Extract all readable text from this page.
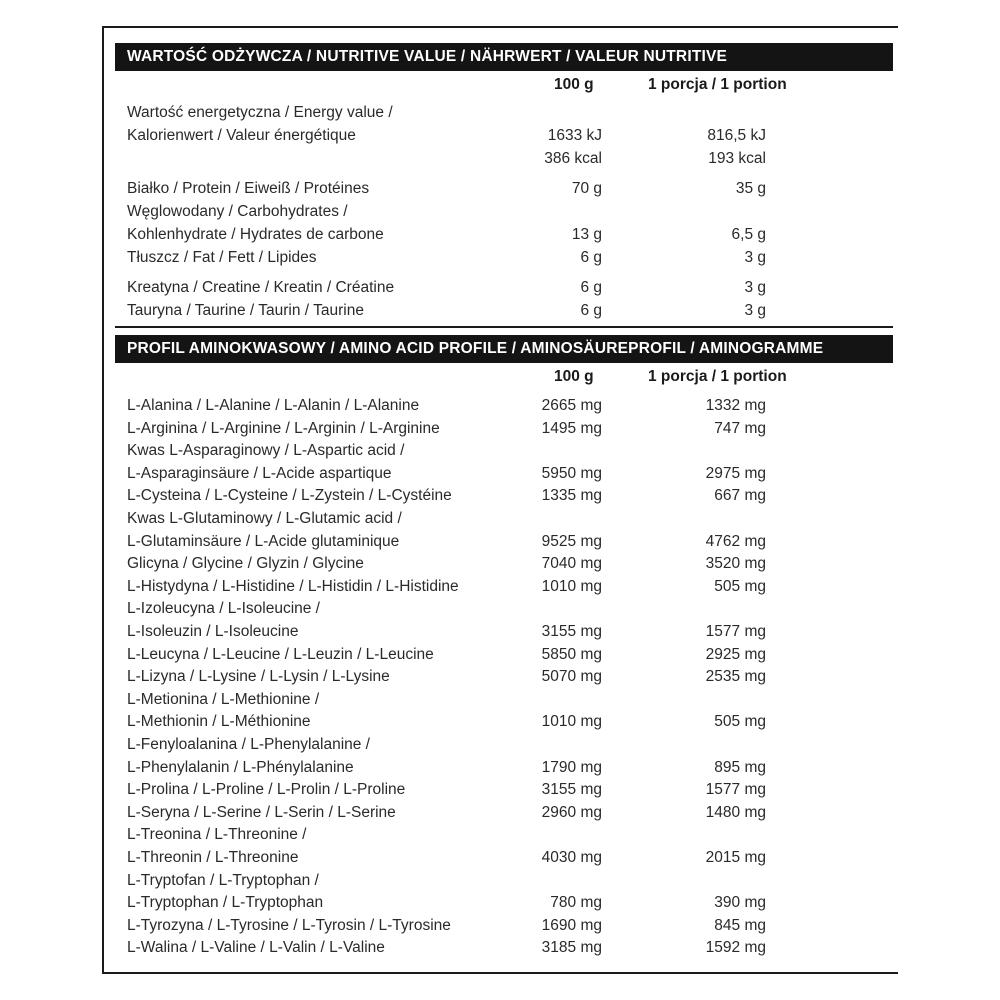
WARTOŚĆ ODŻYWCZA / NUTRITIVE VALUE / NÄHRWERT / VALEUR NUTRITIVE
100 g	1 porcja / 1 portion
Wartość energetyczna / Energy value /
Kalorienwert / Valeur énergétique	1633 kJ	816,5 kJ
386 kcal	193 kcal
Białko / Protein / Eiweiß / Protéines	70 g	35 g
Węglowodany / Carbohydrates /
Kohlenhydrate / Hydrates de carbone	13 g	6,5 g
Tłuszcz / Fat / Fett / Lipides	6 g	3 g
Kreatyna / Creatine / Kreatin / Créatine	6 g	3 g
Tauryna / Taurine / Taurin / Taurine	6 g	3 g
PROFIL AMINOKWASOWY / AMINO ACID PROFILE / AMINOSÄUREPROFIL / AMINOGRAMME
100 g	1 porcja / 1 portion
L-Alanina / L-Alanine / L-Alanin / L-Alanine	2665 mg	1332 mg
L-Arginina / L-Arginine / L-Arginin / L-Arginine	1495 mg	747 mg
Kwas L-Asparaginowy / L-Aspartic acid /
L-Asparaginsäure / L-Acide aspartique	5950 mg	2975 mg
L-Cysteina / L-Cysteine / L-Zystein / L-Cystéine	1335 mg	667 mg
Kwas L-Glutaminowy / L-Glutamic acid /
L-Glutaminsäure / L-Acide glutaminique	9525 mg	4762 mg
Glicyna / Glycine / Glyzin / Glycine	7040 mg	3520 mg
L-Histydyna / L-Histidine / L-Histidin / L-Histidine	1010 mg	505 mg
L-Izoleucyna / L-Isoleucine /
L-Isoleuzin / L-Isoleucine	3155 mg	1577 mg
L-Leucyna / L-Leucine / L-Leuzin / L-Leucine	5850 mg	2925 mg
L-Lizyna / L-Lysine / L-Lysin / L-Lysine	5070 mg	2535 mg
L-Metionina / L-Methionine /
L-Methionin / L-Méthionine	1010 mg	505 mg
L-Fenyloalanina / L-Phenylalanine /
L-Phenylalanin / L-Phénylalanine	1790 mg	895 mg
L-Prolina / L-Proline / L-Prolin / L-Proline	3155 mg	1577 mg
L-Seryna / L-Serine / L-Serin / L-Serine	2960 mg	1480 mg
L-Treonina / L-Threonine /
L-Threonin / L-Threonine	4030 mg	2015 mg
L-Tryptofan / L-Tryptophan /
L-Tryptophan / L-Tryptophan	780 mg	390 mg
L-Tyrozyna / L-Tyrosine / L-Tyrosin / L-Tyrosine	1690 mg	845 mg
L-Walina / L-Valine / L-Valin / L-Valine	3185 mg	1592 mg
